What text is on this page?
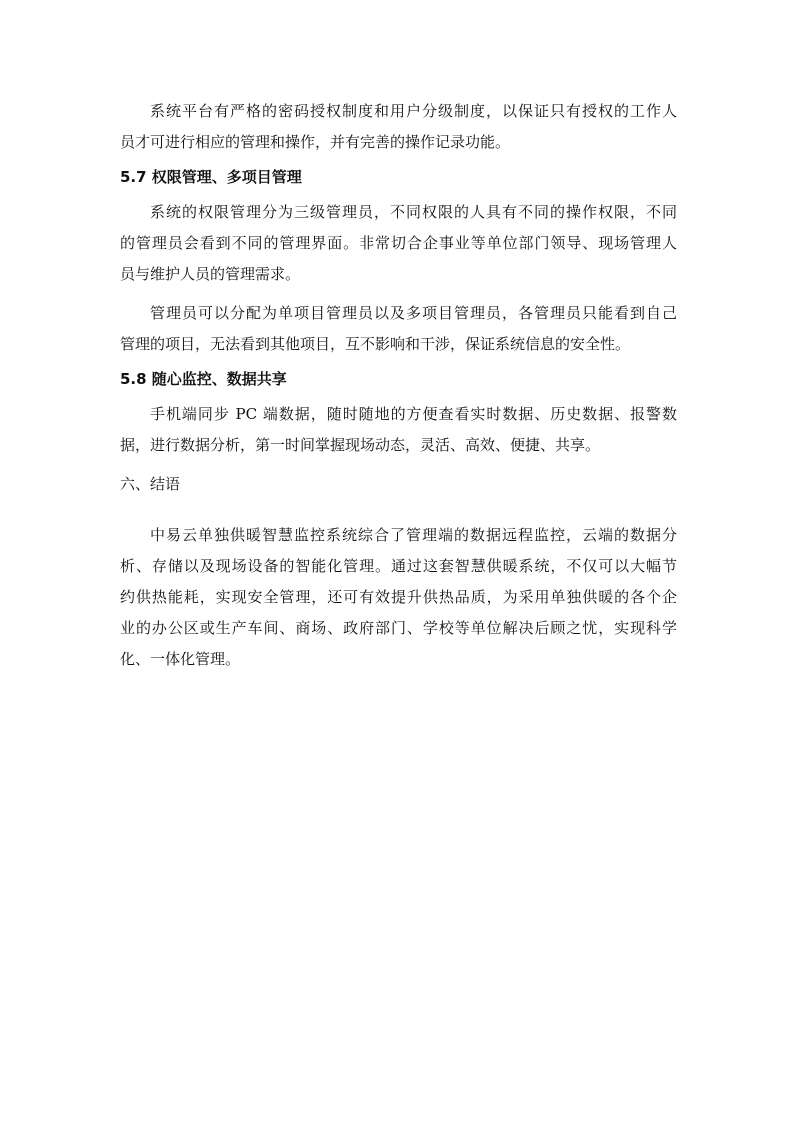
系统平台有严格的密码授权制度和用户分级制度，以保证只有授权的工作人
员才可进行相应的管理和操作，并有完善的操作记录功能。
5.7 权限管理、多项目管理
系统的权限管理分为三级管理员，不同权限的人具有不同的操作权限，不同
的管理员会看到不同的管理界面。非常切合企事业等单位部门领导、现场管理人
员与维护人员的管理需求。
管理员可以分配为单项目管理员以及多项目管理员，各管理员只能看到自己
管理的项目，无法看到其他项目，互不影响和干涉，保证系统信息的安全性。
5.8 随心监控、数据共享
手机端同步 PC 端数据，随时随地的方便查看实时数据、历史数据、报警数
据，进行数据分析，第一时间掌握现场动态，灵活、高效、便捷、共享。
六、结语
中易云单独供暖智慧监控系统综合了管理端的数据远程监控，云端的数据分
析、存储以及现场设备的智能化管理。通过这套智慧供暖系统，不仅可以大幅节
约供热能耗，实现安全管理，还可有效提升供热品质，为采用单独供暖的各个企
业的办公区或生产车间、商场、政府部门、学校等单位解决后顾之忧，实现科学
化、一体化管理。
